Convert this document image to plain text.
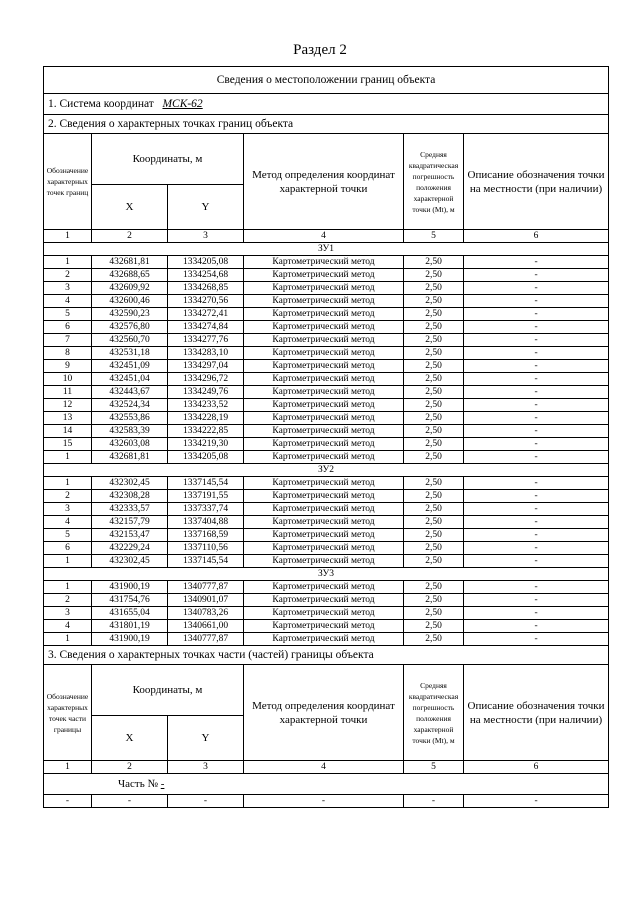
Раздел 2
Сведения о местоположении границ объекта					
1. Система координат МСК-62					
2. Сведения о характерных точках границ объекта					
Обозначение характерных точек границ	Координаты, м		Метод определения координат характерной точки	Средняя квадратическая погрешность положения характерной точки (Mt), м	Описание обозначения точки на местности (при наличии)
	X	Y			
1	2	3	4	5	6
ЗУ1					
1	432681,81	1334205,08	Картометрический метод	2,50	-
2	432688,65	1334254,68	Картометрический метод	2,50	-
3	432609,92	1334268,85	Картометрический метод	2,50	-
4	432600,46	1334270,56	Картометрический метод	2,50	-
5	432590,23	1334272,41	Картометрический метод	2,50	-
6	432576,80	1334274,84	Картометрический метод	2,50	-
7	432560,70	1334277,76	Картометрический метод	2,50	-
8	432531,18	1334283,10	Картометрический метод	2,50	-
9	432451,09	1334297,04	Картометрический метод	2,50	-
10	432451,04	1334296,72	Картометрический метод	2,50	-
11	432443,67	1334249,76	Картометрический метод	2,50	-
12	432524,34	1334233,52	Картометрический метод	2,50	-
13	432553,86	1334228,19	Картометрический метод	2,50	-
14	432583,39	1334222,85	Картометрический метод	2,50	-
15	432603,08	1334219,30	Картометрический метод	2,50	-
1	432681,81	1334205,08	Картометрический метод	2,50	-
ЗУ2					
1	432302,45	1337145,54	Картометрический метод	2,50	-
2	432308,28	1337191,55	Картометрический метод	2,50	-
3	432333,57	1337337,74	Картометрический метод	2,50	-
4	432157,79	1337404,88	Картометрический метод	2,50	-
5	432153,47	1337168,59	Картометрический метод	2,50	-
6	432229,24	1337110,56	Картометрический метод	2,50	-
1	432302,45	1337145,54	Картометрический метод	2,50	-
ЗУ3					
1	431900,19	1340777,87	Картометрический метод	2,50	-
2	431754,76	1340901,07	Картометрический метод	2,50	-
3	431655,04	1340783,26	Картометрический метод	2,50	-
4	431801,19	1340661,00	Картометрический метод	2,50	-
1	431900,19	1340777,87	Картометрический метод	2,50	-
3. Сведения о характерных точках части (частей) границы объекта					
Обозначение характерных точек части границы	Координаты, м		Метод определения координат характерной точки	Средняя квадратическая погрешность положения характерной точки (Mt), м	Описание обозначения точки на местности (при наличии)
	X	Y			
1	2	3	4	5	6
Часть № -					
-	-	-	-	-	-
